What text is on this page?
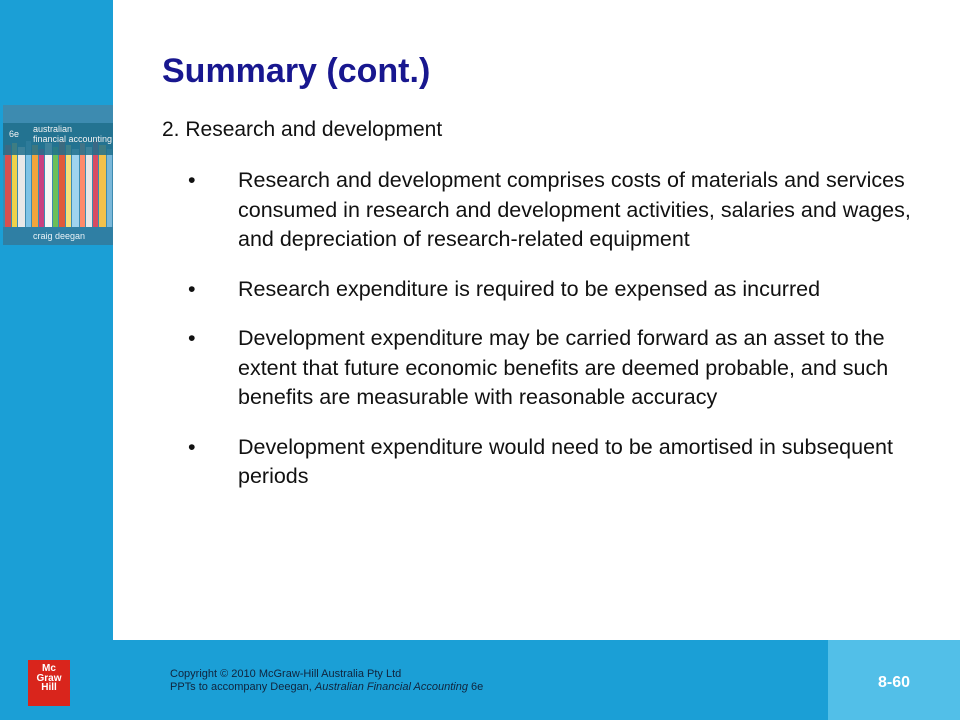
6e australian
financial accounting
craig deegan
Summary (cont.)
2. Research and development
• Research and development comprises costs of materials and services consumed in research and development activities, salaries and wages, and depreciation of research-related equipment
• Research expenditure is required to be expensed as incurred
• Development expenditure may be carried forward as an asset to the extent that future economic benefits are deemed probable, and such benefits are measurable with reasonable accuracy
• Development expenditure would need to be amortised in subsequent periods
Mc
Graw
Hill
Copyright © 2010 McGraw-Hill Australia Pty Ltd
PPTs to accompany Deegan, Australian Financial Accounting 6e	8-60
